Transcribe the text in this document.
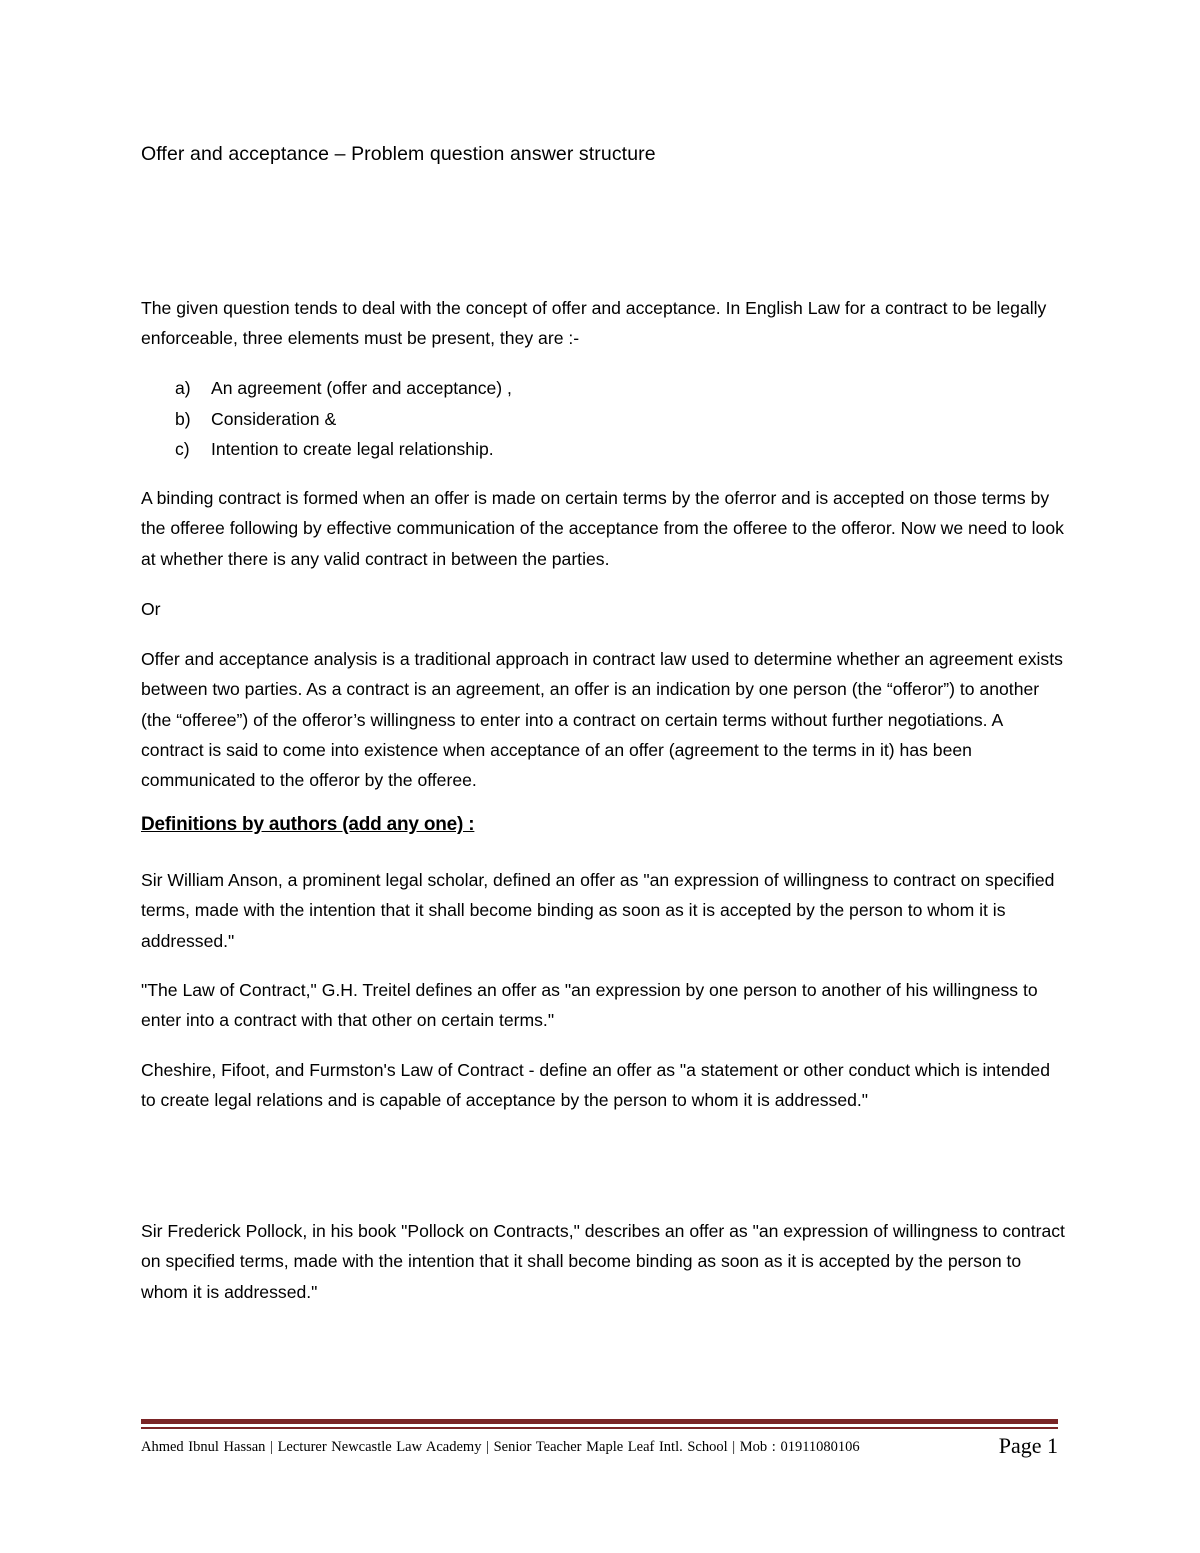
Offer and acceptance – Problem question answer structure

The given question tends to deal with the concept of offer and acceptance. In English Law for a contract to be legally enforceable, three elements must be present, they are :-

a)	An agreement (offer and acceptance) ,
b)	Consideration &
c)	Intention to create legal relationship.

A binding contract is formed when an offer is made on certain terms by the oferror and is accepted on those terms by the offeree following by effective communication of the acceptance from the offeree to the offeror. Now we need to look at whether there is any valid contract in between the parties.

Or

Offer and acceptance analysis is a traditional approach in contract law used to determine whether an agreement exists between two parties. As a contract is an agreement, an offer is an indication by one person (the “offeror”) to another (the “offeree”) of the offeror’s willingness to enter into a contract on certain terms without further negotiations. A contract is said to come into existence when acceptance of an offer (agreement to the terms in it) has been communicated to the offeror by the offeree.

Definitions by authors (add any one) :

Sir William Anson, a prominent legal scholar, defined an offer as "an expression of willingness to contract on specified terms, made with the intention that it shall become binding as soon as it is accepted by the person to whom it is addressed."

"The Law of Contract," G.H. Treitel defines an offer as "an expression by one person to another of his willingness to enter into a contract with that other on certain terms."

Cheshire, Fifoot, and Furmston's Law of Contract - define an offer as "a statement or other conduct which is intended to create legal relations and is capable of acceptance by the person to whom it is addressed."

Sir Frederick Pollock, in his book "Pollock on Contracts," describes an offer as "an expression of willingness to contract on specified terms, made with the intention that it shall become binding as soon as it is accepted by the person to whom it is addressed."

Ahmed Ibnul Hassan | Lecturer Newcastle Law Academy | Senior Teacher Maple Leaf Intl. School | Mob : 01911080106	Page 1
